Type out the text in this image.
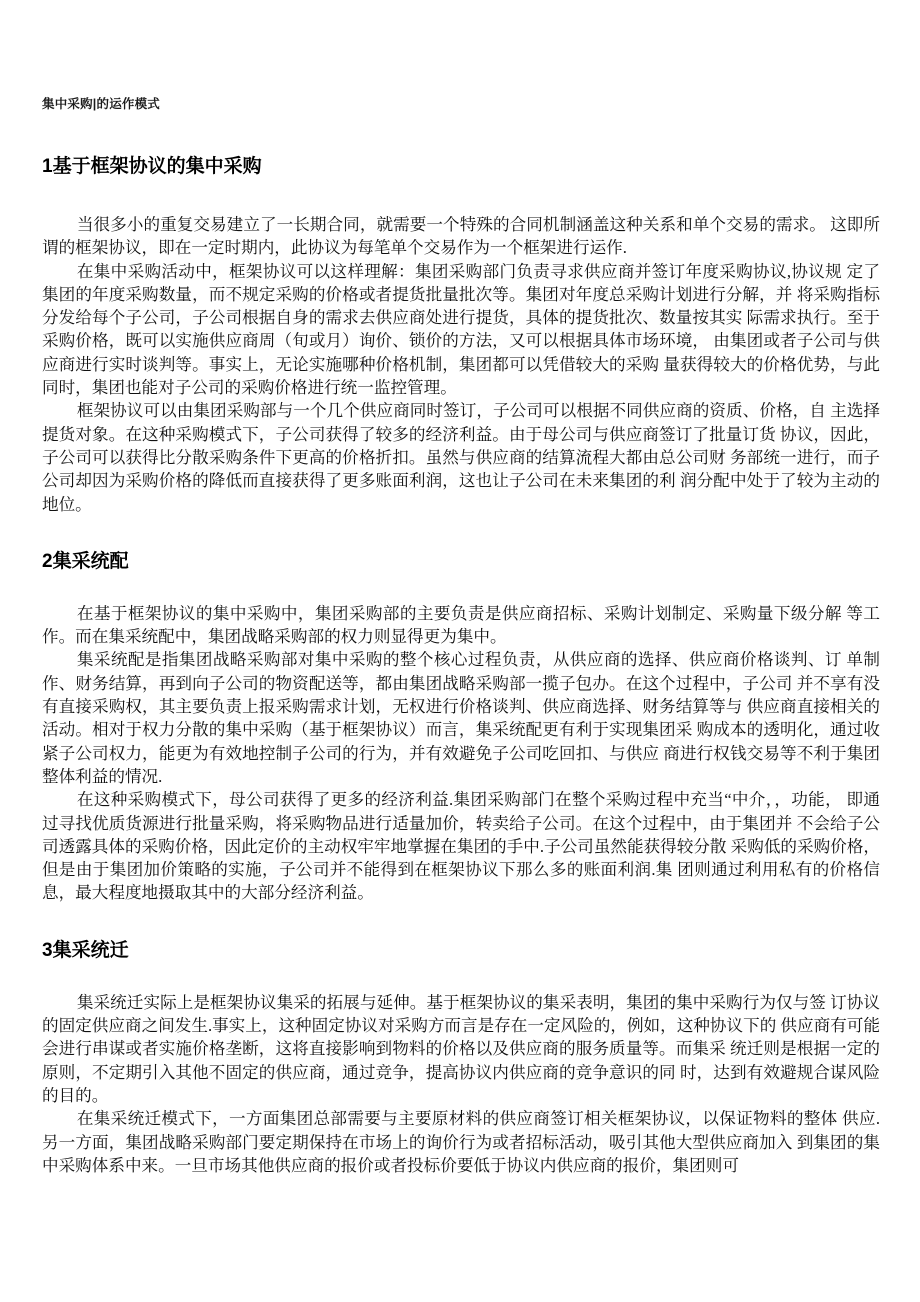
集中采购|的运作模式
1基于框架协议的集中采购

当很多小的重复交易建立了一长期合同，就需要一个特殊的合同机制涵盖这种关系和单个交易的需求。 这即所谓的框架协议，即在一定时期内，此协议为每笔单个交易作为一个框架进行运作.

在集中采购活动中，框架协议可以这样理解：集团采购部门负责寻求供应商并签订年度采购协议,协议规 定了集团的年度采购数量，而不规定采购的价格或者提货批量批次等。集团对年度总采购计划进行分解，并 将采购指标分发给每个子公司，子公司根据自身的需求去供应商处进行提货，具体的提货批次、数量按其实 际需求执行。至于采购价格，既可以实施供应商周（旬或月）询价、锁价的方法，又可以根据具体市场环境， 由集团或者子公司与供应商进行实时谈判等。事实上，无论实施哪种价格机制，集团都可以凭借较大的采购 量获得较大的价格优势，与此同时，集团也能对子公司的采购价格进行统一监控管理。

框架协议可以由集团采购部与一个几个供应商同时签订，子公司可以根据不同供应商的资质、价格，自 主选择提货对象。在这种采购模式下，子公司获得了较多的经济利益。由于母公司与供应商签订了批量订货 协议，因此，子公司可以获得比分散采购条件下更高的价格折扣。虽然与供应商的结算流程大都由总公司财 务部统一进行，而子公司却因为采购价格的降低而直接获得了更多账面利润，这也让子公司在未来集团的利 润分配中处于了较为主动的地位。

2集采统配

在基于框架协议的集中采购中，集团采购部的主要负责是供应商招标、采购计划制定、采购量下级分解 等工作。而在集采统配中，集团战略采购部的权力则显得更为集中。

集采统配是指集团战略采购部对集中采购的整个核心过程负责，从供应商的选择、供应商价格谈判、订 单制作、财务结算，再到向子公司的物资配送等，都由集团战略采购部一揽子包办。在这个过程中，子公司 并不享有没有直接采购权，其主要负责上报采购需求计划，无权进行价格谈判、供应商选择、财务结算等与 供应商直接相关的活动。相对于权力分散的集中采购（基于框架协议）而言，集采统配更有利于实现集团采 购成本的透明化，通过收紧子公司权力，能更为有效地控制子公司的行为，并有效避免子公司吃回扣、与供应 商进行权钱交易等不利于集团整体利益的情况.

在这种采购模式下，母公司获得了更多的经济利益.集团采购部门在整个采购过程中充当“中介，，功能， 即通过寻找优质货源进行批量采购，将采购物品进行适量加价，转卖给子公司。在这个过程中，由于集团并 不会给子公司透露具体的采购价格，因此定价的主动权牢牢地掌握在集团的手中.子公司虽然能获得较分散 采购低的采购价格，但是由于集团加价策略的实施，子公司并不能得到在框架协议下那么多的账面利润.集 团则通过利用私有的价格信息，最大程度地摄取其中的大部分经济利益。

3集采统迁

集采统迁实际上是框架协议集采的拓展与延伸。基于框架协议的集采表明，集团的集中采购行为仅与签 订协议的固定供应商之间发生.事实上，这种固定协议对采购方而言是存在一定风险的，例如，这种协议下的 供应商有可能会进行串谋或者实施价格垄断，这将直接影响到物料的价格以及供应商的服务质量等。而集采 统迁则是根据一定的原则，不定期引入其他不固定的供应商，通过竞争，提高协议内供应商的竞争意识的同 时，达到有效避规合谋风险的目的。

在集采统迁模式下，一方面集团总部需要与主要原材料的供应商签订相关框架协议，以保证物料的整体 供应.另一方面，集团战略采购部门要定期保持在市场上的询价行为或者招标活动，吸引其他大型供应商加入 到集团的集中采购体系中来。一旦市场其他供应商的报价或者投标价要低于协议内供应商的报价，集团则可
